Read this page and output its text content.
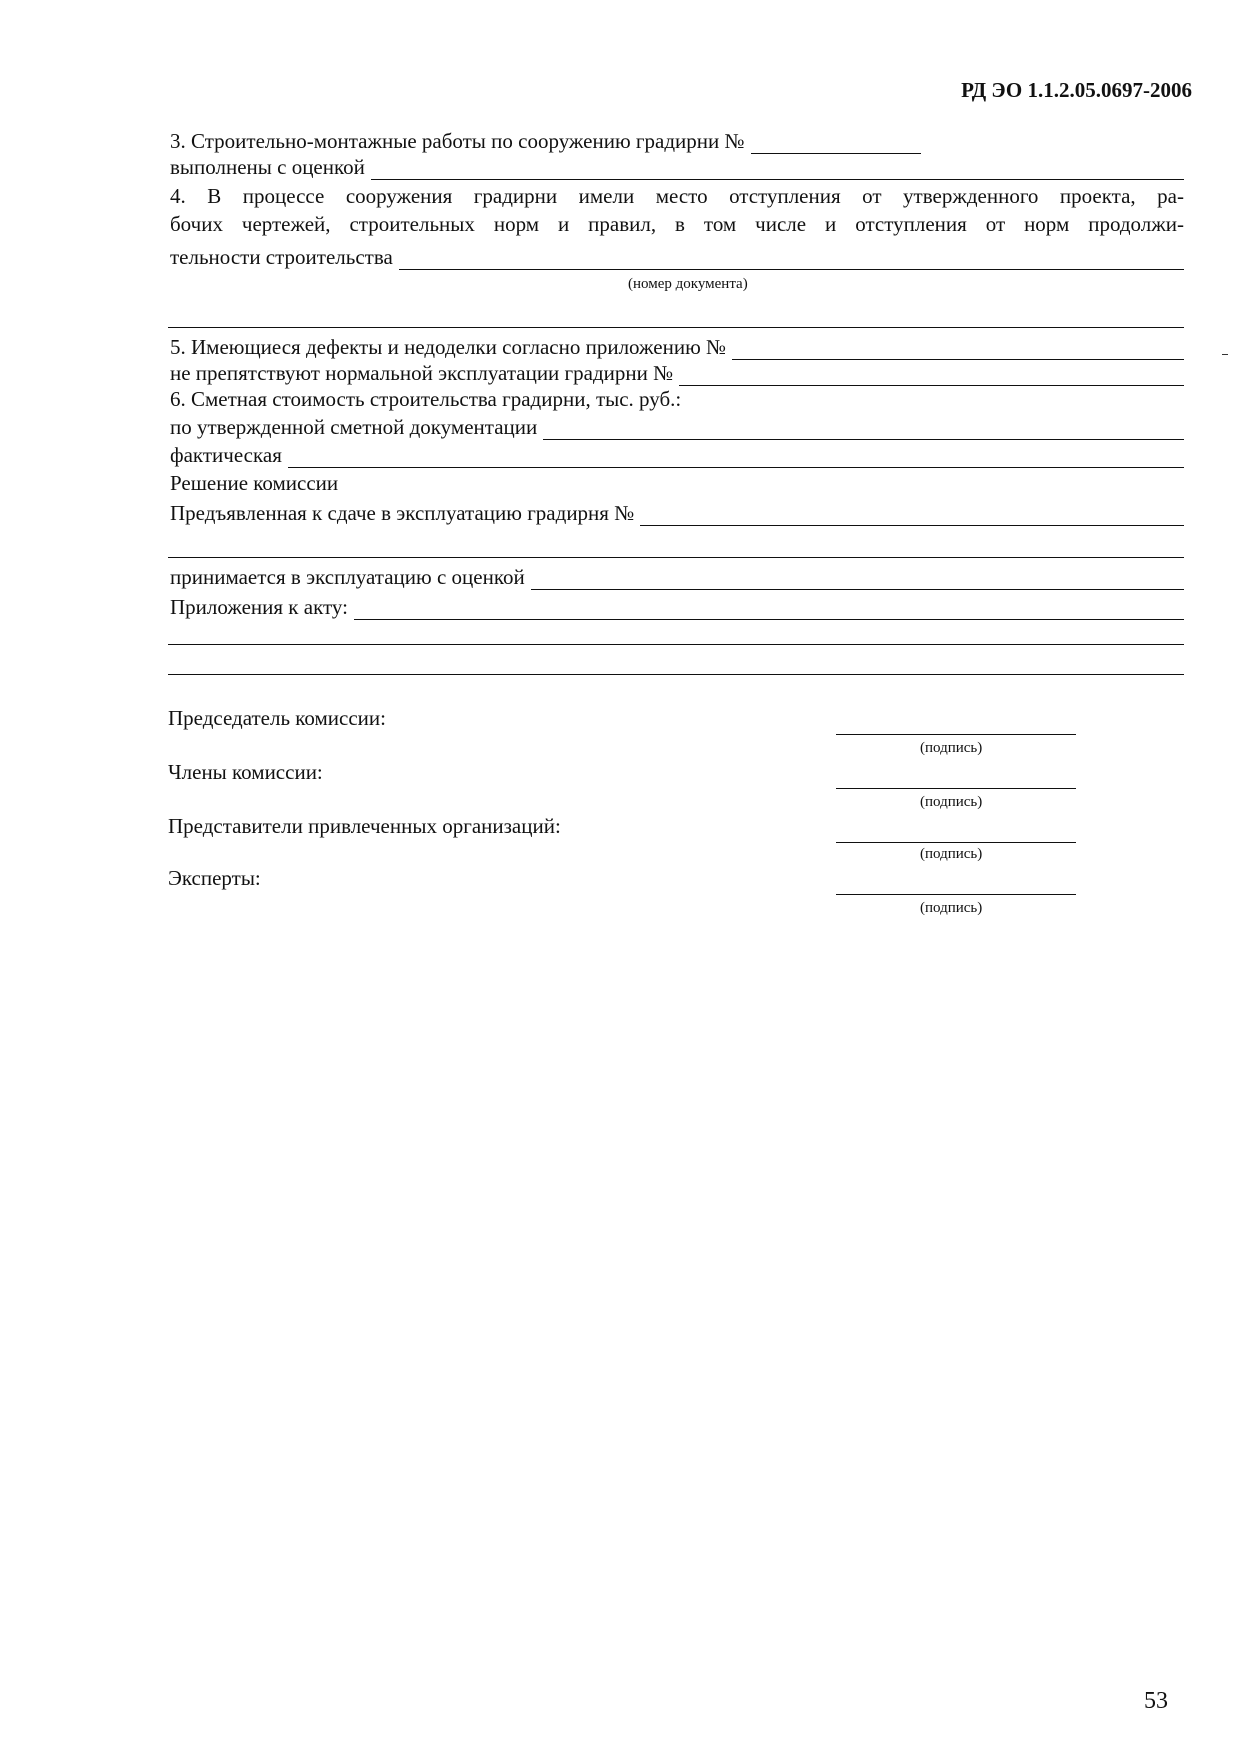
РД ЭО 1.1.2.05.0697-2006
3. Строительно-монтажные работы по сооружению градирни №
выполнены с оценкой
4. В процессе сооружения градирни имели место отступления от утвержденного проекта, ра-
бочих чертежей, строительных норм и правил, в том числе и отступления от норм продолжи-
тельности строительства
(номер документа)
5. Имеющиеся дефекты и недоделки согласно приложению №
не препятствуют нормальной эксплуатации градирни №
6. Сметная стоимость строительства градирни, тыс. руб.:
по утвержденной сметной документации
фактическая
Решение комиссии
Предъявленная к сдаче в эксплуатацию градирня №
принимается в эксплуатацию с оценкой
Приложения к акту:
Председатель комиссии:
(подпись)
Члены комиссии:
(подпись)
Представители привлеченных организаций:
(подпись)
Эксперты:
(подпись)
53
